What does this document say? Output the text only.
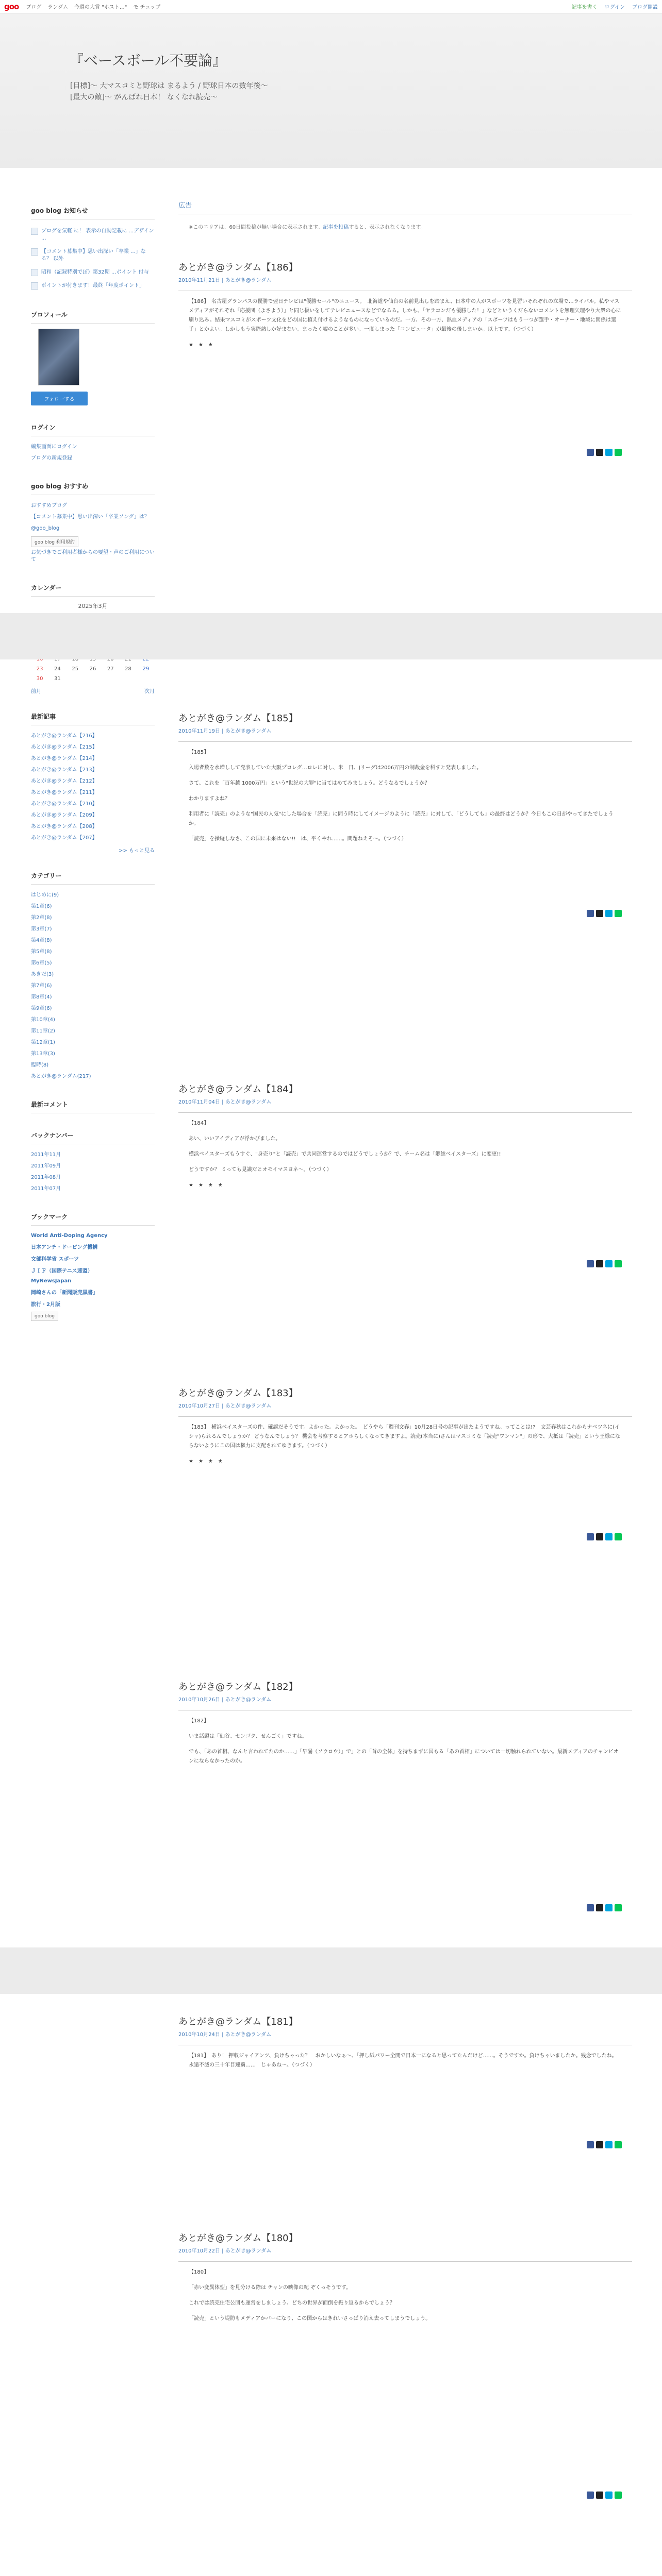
goo ブログ ランダム 今週の大賞 "ホスト…" モ チュップ	記事を書く ログイン ブログ開設
『ベースボール不要論』
[目標]〜 大マスコミと野球は まるよう / 野球日本の数年後〜
[最大の敵]〜 がんばれ日本！ なくなれ読売〜
goo blog お知らせ
ブログを気軽 に！ 表示の自動記載に ...デザイン ...
【コメント募集中】思い出深い「卒業 ...」なる？ 以外
昭和（記録特別でぽ）第32期 ...ポイント 付与
ポイントが付きます！最終「年度ポイント」
プロフィール
フォローする
ログイン
編集画面にログイン
ブログの新規登録
goo blog おすすめ
おすすめブログ
【コメント募集中】思い出深い「卒業ソング」は？
@goo_blog
goo blog 利用規約
お気づきでご利用者様からの要望・声のご利用について
カレンダー
2025年3月

23	24	25	26	27	28	29
30	31					
前月	次月
最新記事
あとがき@ランダム【216】
あとがき@ランダム【215】
あとがき@ランダム【214】
あとがき@ランダム【213】
あとがき@ランダム【212】
あとがき@ランダム【211】
あとがき@ランダム【210】
あとがき@ランダム【209】
あとがき@ランダム【208】
あとがき@ランダム【207】
>> もっと見る
カテゴリー
はじめに(9)
第1章(6)
第2章(8)
第3章(7)
第4章(8)
第5章(8)
第6章(5)
あきだ(3)
第7章(6)
第8章(4)
第9章(6)
第10章(4)
第11章(2)
第12章(1)
第13章(3)
臨時(8)
あとがき@ランダム(217)
最新コメント
バックナンバー
2011年11月
2011年09月
2011年08月
2011年07月
ブックマーク
World Anti-Doping Agency
日本アンチ・ドーピング機構
文部科学省 スポーツ
ＪＩＦ（国際テニス連盟）
MyNewsJapan
岡崎さんの「新聞販売黒書」
旅行・2月版
goo blog
広告
※このエリアは、60日間投稿が無い場合に表示されます。記事を投稿すると、表示されなくなります。
あとがき@ランダム【186】
2010年11月21日 | あとがき@ランダム

【186】　名古屋グランパスの優勝で翌日テレビは"優勝セール"のニュース。　北海道や仙台の名前見出しを踏まえ、日本中の人がスポーツを見習いそれぞれの立場で…ライバル。私やマスメディアがそれぞれ「応援団（よさよう）」と同じ扱いをしてテレビニュースなどでなるる。しかも、「ヤラコンだも優勝した！」などというくだらないコメントを無理矢理やり大衆の心に刷り込み。結果マスコミがスポーツ文化をどの国に植え付けるようなものになっているのだ。一方、その一方、熱血メディアの「スポーツはもう一つが選手・オーナー・地域に関係は選手」とかよい。しかしもう実際熱しか好まない。まったく嘘のことが多い。一度しまった「コンピュータ」が最後の後しまいか。以上です。（つづく）

★　★　★

あとがき@ランダム【185】
2010年11月19日 | あとがき@ランダム

【185】

入場者数を水増しして発表していた大阪プロレグ…ロレに対し、米　日、Jリーグは2006万円の制裁金を科すと発表しました。

さて、これを「百年越 1000万円」という"世紀の大罪"に当てはめてみましょう。どうなるでしょうか？

わかりますよね？

利用者に「読売」のような"国民の人気"にした場合を「読売」に問う時にしてイメージのように「読売」に対して、「どうしても」の最終はどうか？今日もこの日がやってきたでしょうか。

「読売」を操縦しなさ、この国に未来はない!!　は、平くやれ……。問題ねえそ〜。（つづく）

あとがき@ランダム【184】
2010年11月04日 | あとがき@ランダム

【184】

あい、いいアイディアが浮かびました。

横浜ベイスターズもうすぐ、"身売り"と「読売」で共同運営するのではどうでしょうか？で、チーム名は「郷総ベイスターズ」に変更!!

どうですか？ ミっても見識だとオモイマスヨネ〜。（つづく）

★　★　★　★

あとがき@ランダム【183】
2010年10月27日 | あとがき@ランダム

【183】　横浜ベイスターズの件、確認だそうです。よかった。よかった。　どうやら「週刊文春」10月28日号の記事が出たようですね。ってことは!?　文芸春秋はこれからナベツネに(イシャ)られるんでしょうか？ どうなんでしょう？ 機会を考察するとアホらしくなってきますよ。読売(本当に)さんはマスコミな「読売"ワンマン"」の形で、大抵は「読売」という王様にならないようにこの国は権力に支配されてゆきます。（つづく）

★　★　★　★

あとがき@ランダム【182】
2010年10月26日 | あとがき@ランダム

【182】

いま話題は「仙谷、センゴク、せんごく」ですね。

でも、「あの首相、なんと言われてたのか……」「早漏（ソウロウ）」で」との「首の全体」を持ちまずに国もる「あの首相」については一切触れられていない。最新メディアのチャンピオンにならなかったのか。

あとがき@ランダム【181】
2010年10月24日 | あとがき@ランダム

【181】　あり！ 押収ジャイアンツ、負けちゃった？　おかしいなぁ〜、「押し紙パワー全開で日本一になると思ってたんだけど……。そうですか。負けちゃいましたか。残念でしたね。永遠不滅の三十年目連覇……　じゃあね〜。（つづく）

あとがき@ランダム【180】
2010年10月22日 | あとがき@ランダム

【180】

「赤い変異体型」を見分ける際は チャンの映像の配 ぞくっそうです。

これでは読売住宅公団も運営をしましょう、どちの世界が面倒を振り返るからでしょう？

「読売」という堤防もメディアかバーになり、この国からはきれいさっぱり消え去ってしまうでしょう。
